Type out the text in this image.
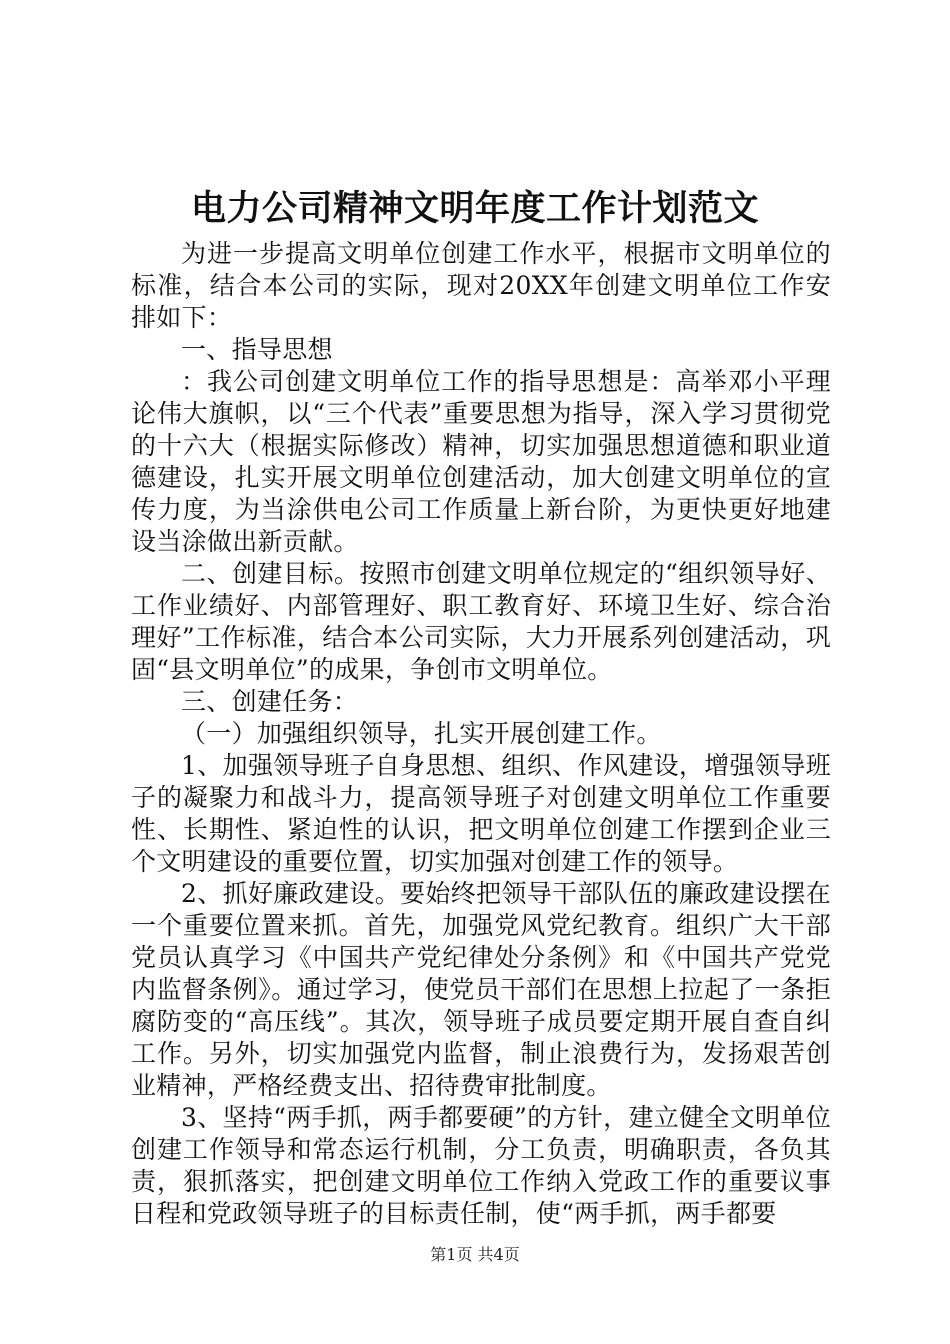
电力公司精神文明年度工作计划范文

为进一步提高文明单位创建工作水平，根据市文明单位的标准，结合本公司的实际，现对20XX年创建文明单位工作安排如下：

一、指导思想

：我公司创建文明单位工作的指导思想是：高举邓小平理论伟大旗帜，以“三个代表”重要思想为指导，深入学习贯彻党的十六大（根据实际修改）精神，切实加强思想道德和职业道德建设，扎实开展文明单位创建活动，加大创建文明单位的宣传力度，为当涂供电公司工作质量上新台阶，为更快更好地建设当涂做出新贡献。

二、创建目标。按照市创建文明单位规定的“组织领导好、工作业绩好、内部管理好、职工教育好、环境卫生好、综合治理好”工作标准，结合本公司实际，大力开展系列创建活动，巩固“县文明单位”的成果，争创市文明单位。

三、创建任务：

（一）加强组织领导，扎实开展创建工作。

1、加强领导班子自身思想、组织、作风建设，增强领导班子的凝聚力和战斗力，提高领导班子对创建文明单位工作重要性、长期性、紧迫性的认识，把文明单位创建工作摆到企业三个文明建设的重要位置，切实加强对创建工作的领导。

2、抓好廉政建设。要始终把领导干部队伍的廉政建设摆在一个重要位置来抓。首先，加强党风党纪教育。组织广大干部党员认真学习《中国共产党纪律处分条例》和《中国共产党党内监督条例》。通过学习，使党员干部们在思想上拉起了一条拒腐防变的“高压线”。其次，领导班子成员要定期开展自查自纠工作。另外，切实加强党内监督，制止浪费行为，发扬艰苦创业精神，严格经费支出、招待费审批制度。

3、坚持“两手抓，两手都要硬”的方针，建立健全文明单位创建工作领导和常态运行机制，分工负责，明确职责，各负其责，狠抓落实，把创建文明单位工作纳入党政工作的重要议事日程和党政领导班子的目标责任制，使“两手抓，两手都要

第1页 共4页
